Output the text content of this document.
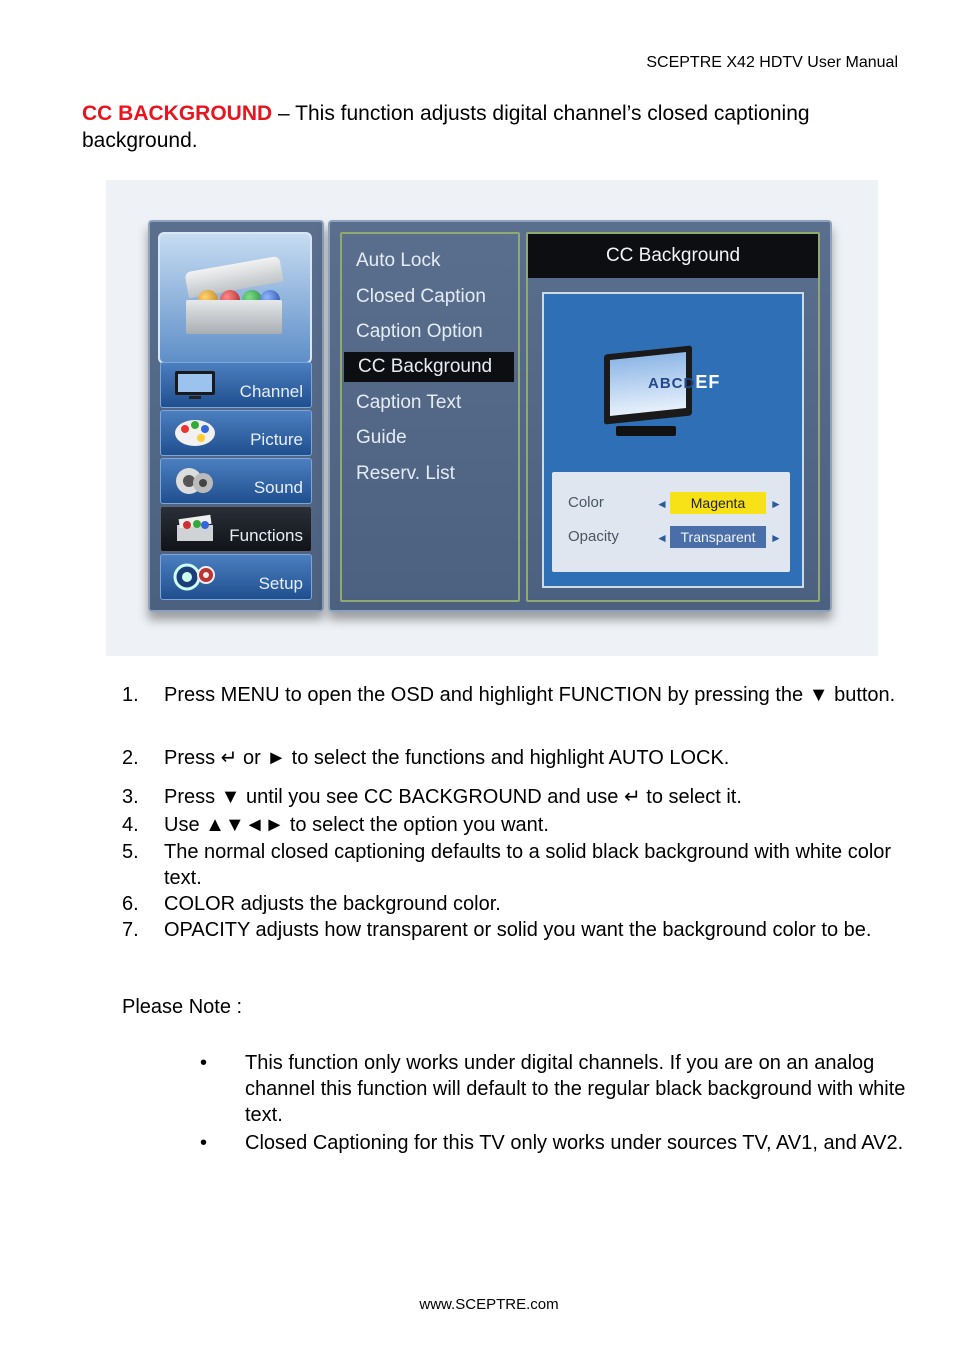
SCEPTRE X42 HDTV User Manual
CC BACKGROUND – This function adjusts digital channel’s closed captioning background.
Channel
Picture
Sound
Functions
Setup
Auto Lock
Closed Caption
Caption Option
CC Background
Caption Text
Guide
Reserv. List
CC Background
ABCDEF
Color	◄	Magenta	►
Opacity	◄ Transparent	►
1. Press MENU to open the OSD and highlight FUNCTION by pressing the ▼ button.
2. Press ↵ or ► to select the functions and highlight AUTO LOCK.
3. Press ▼ until you see CC BACKGROUND and use ↵ to select it.
4. Use ▲▼◄► to select the option you want.
5. The normal closed captioning defaults to a solid black background with white color text.
6. COLOR adjusts the background color.
7. OPACITY adjusts how transparent or solid you want the background color to be.
Please Note :
• This function only works under digital channels. If you are on an analog channel this function will default to the regular black background with white text.
• Closed Captioning for this TV only works under sources TV, AV1, and AV2.
www.SCEPTRE.com
